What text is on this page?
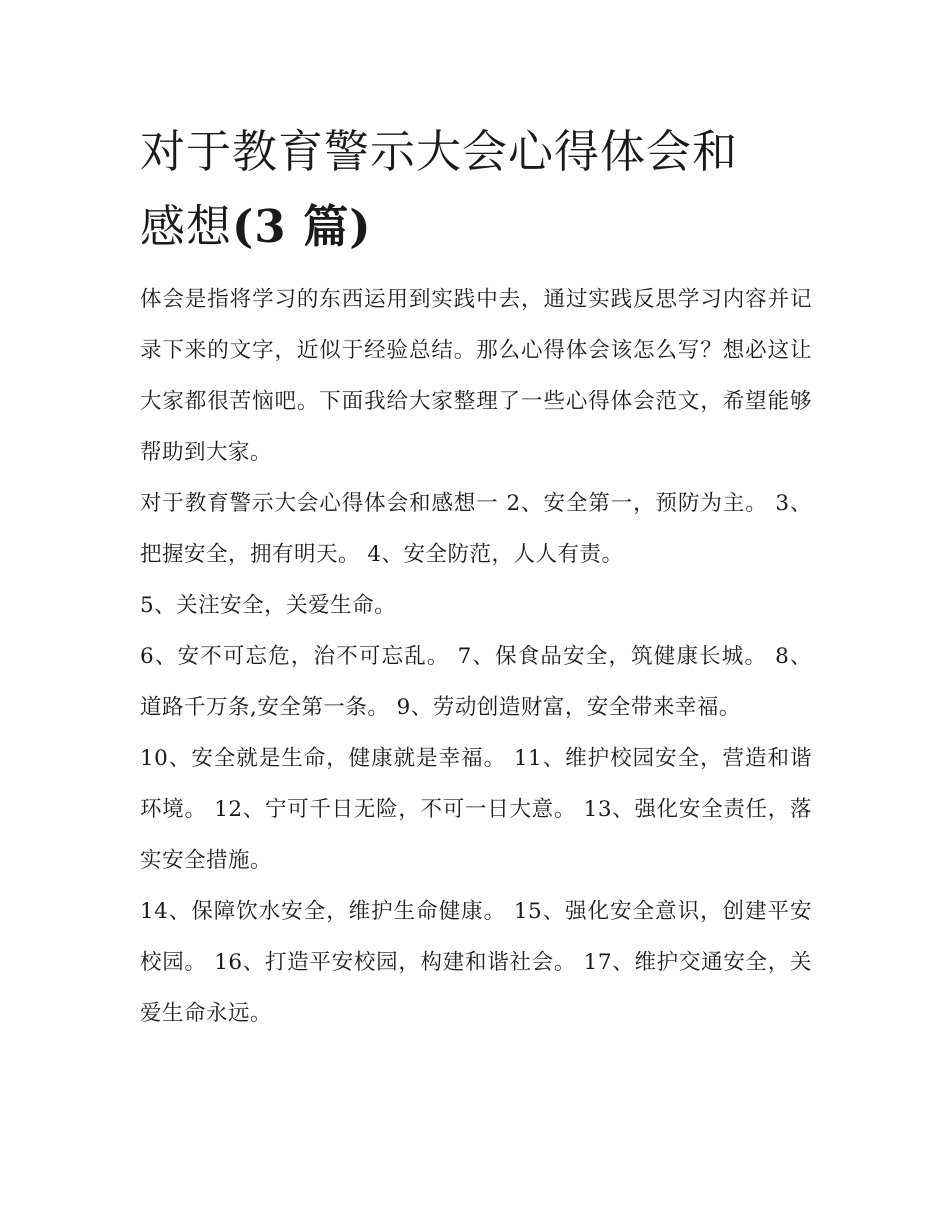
对于教育警示大会心得体会和
感想(3 篇)

体会是指将学习的东西运用到实践中去，通过实践反思学习内容并记录下来的文字，近似于经验总结。那么心得体会该怎么写？想必这让大家都很苦恼吧。下面我给大家整理了一些心得体会范文，希望能够帮助到大家。

对于教育警示大会心得体会和感想一 2、安全第一，预防为主。 3、把握安全，拥有明天。 4、安全防范，人人有责。

5、关注安全，关爱生命。

6、安不可忘危，治不可忘乱。 7、保食品安全，筑健康长城。 8、道路千万条,安全第一条。 9、劳动创造财富，安全带来幸福。

10、安全就是生命，健康就是幸福。 11、维护校园安全，营造和谐环境。 12、宁可千日无险，不可一日大意。 13、强化安全责任，落实安全措施。

14、保障饮水安全，维护生命健康。 15、强化安全意识，创建平安校园。 16、打造平安校园，构建和谐社会。 17、维护交通安全，关爱生命永远。
